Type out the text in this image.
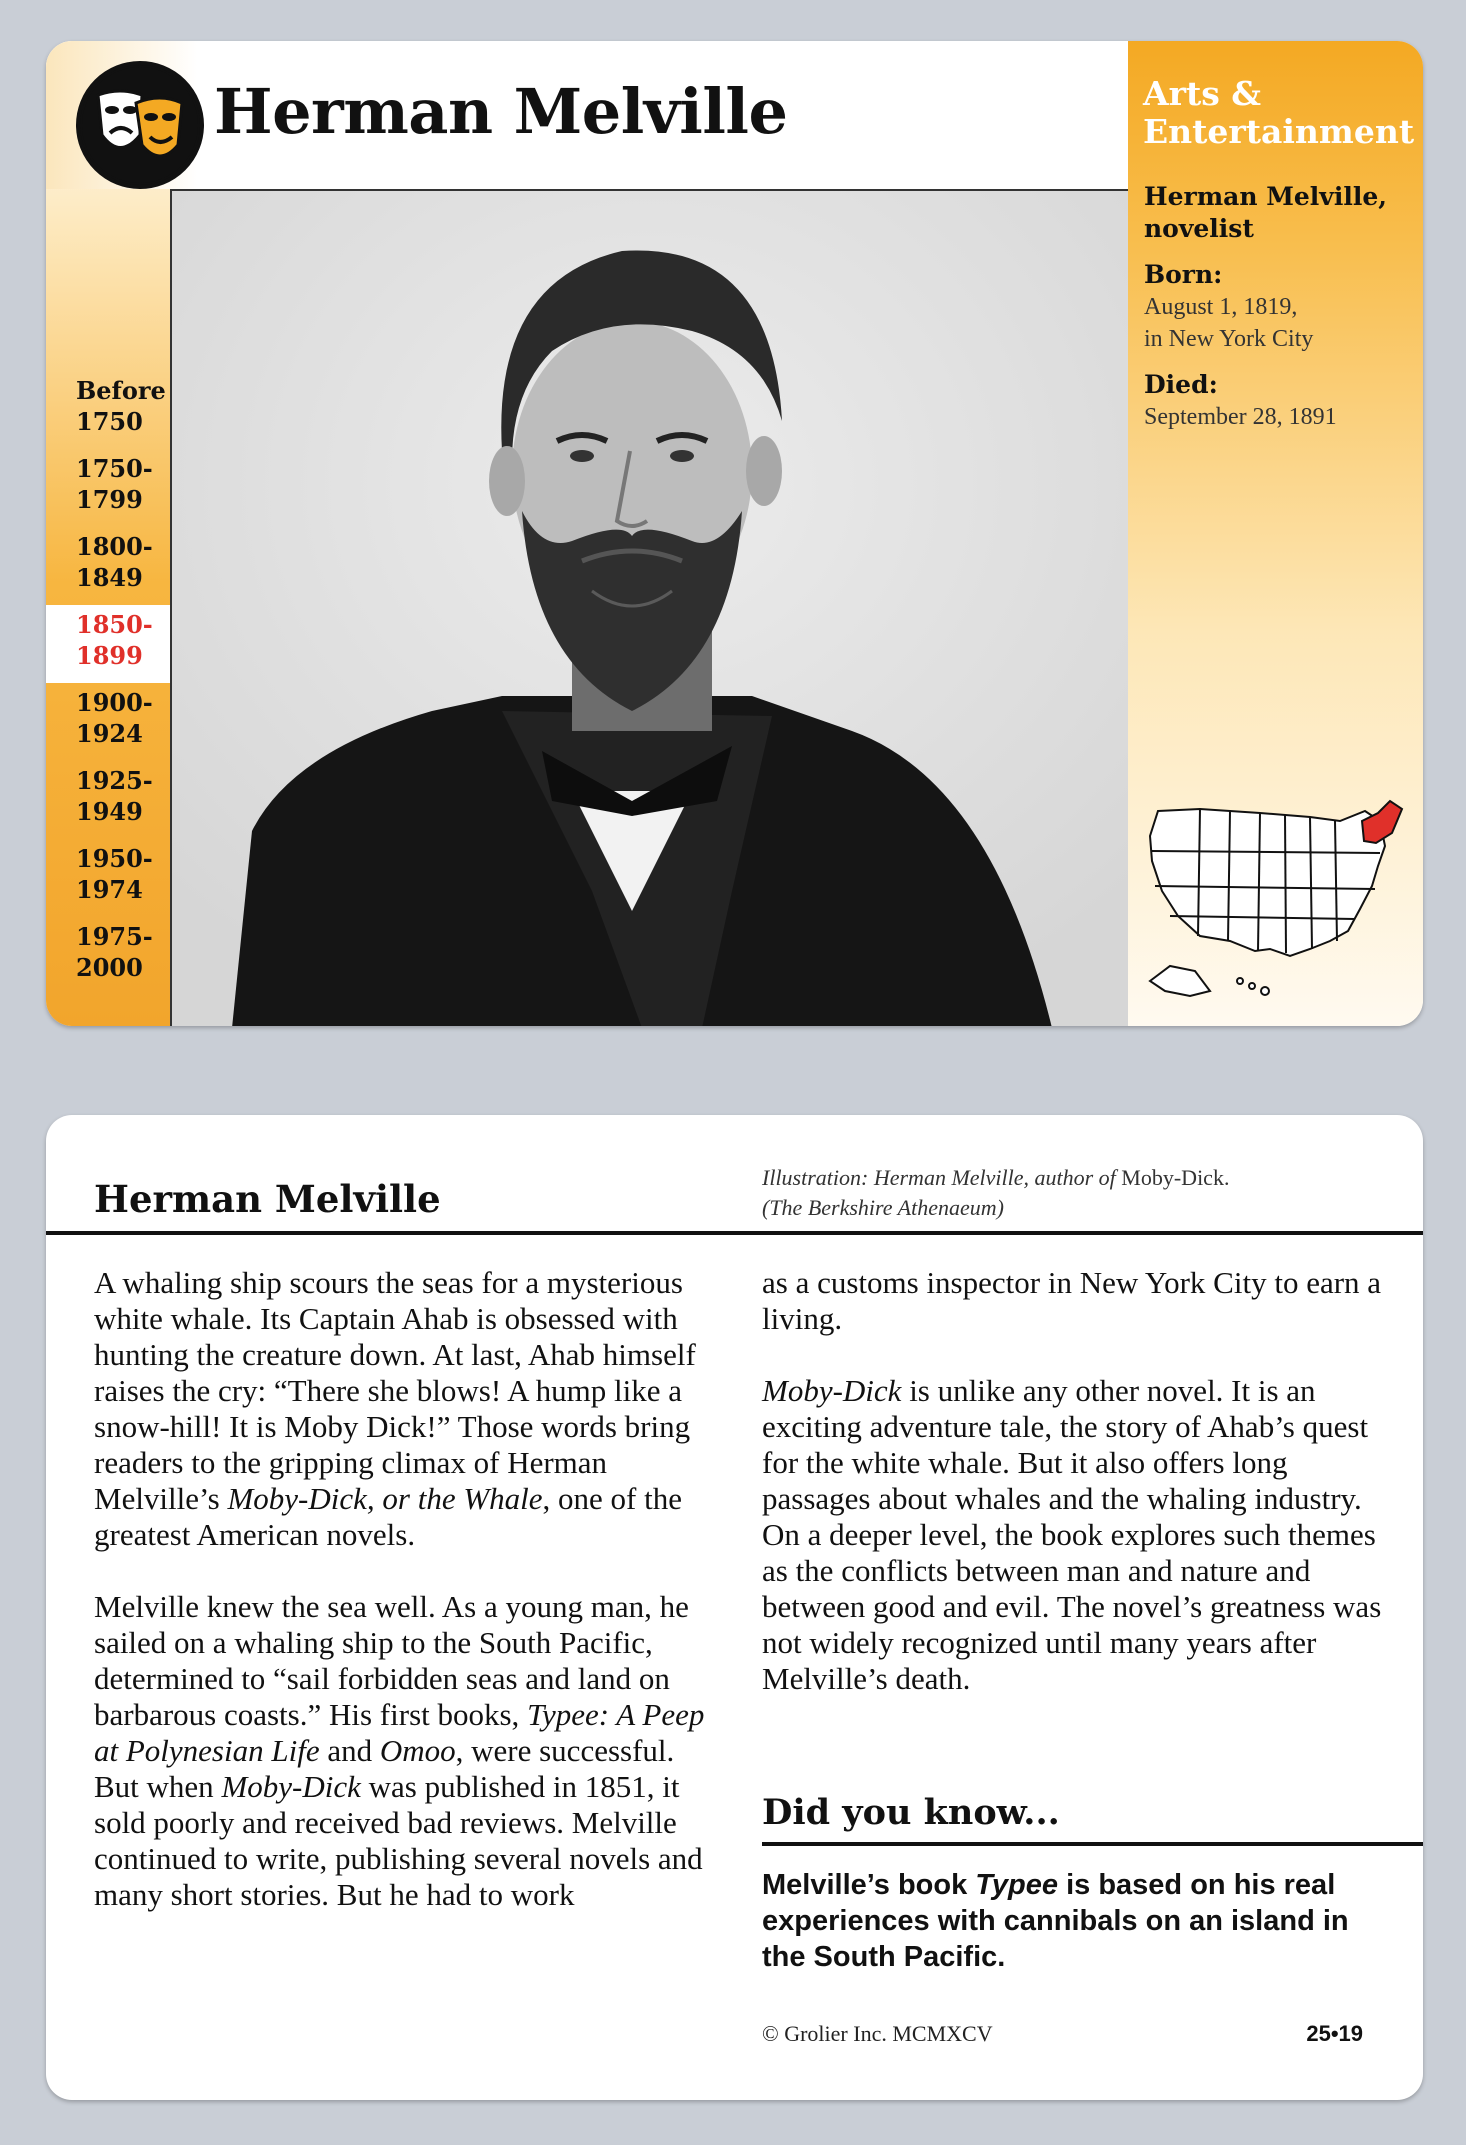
Herman Melville
Before
1750
1750-
1799
1800-
1849
1850-
1899
1900-
1924
1925-
1949
1950-
1974
1975-
2000
Arts &
Entertainment
Herman Melville, novelist
Born:
August 1, 1819,
in New York City
Died:
September 28, 1891
Herman Melville	Illustration: Herman Melville, author of Moby-Dick.
(The Berkshire Athenaeum)

A whaling ship scours the seas for a mysterious white whale. Its Captain Ahab is obsessed with hunting the creature down. At last, Ahab himself raises the cry: “There she blows! A hump like a snow-hill! It is Moby Dick!” Those words bring readers to the gripping climax of Herman Melville’s Moby-Dick, or the Whale, one of the greatest American novels.

Melville knew the sea well. As a young man, he sailed on a whaling ship to the South Pacific, determined to “sail forbidden seas and land on barbarous coasts.” His first books, Typee: A Peep at Polynesian Life and Omoo, were successful. But when Moby-Dick was published in 1851, it sold poorly and received bad reviews. Melville continued to write, publishing several novels and many short stories. But he had to work

as a customs inspector in New York City to earn a living.

Moby-Dick is unlike any other novel. It is an exciting adventure tale, the story of Ahab’s quest for the white whale. But it also offers long passages about whales and the whaling industry. On a deeper level, the book explores such themes as the conflicts between man and nature and between good and evil. The novel’s greatness was not widely recognized until many years after Melville’s death.

Did you know...
Melville’s book Typee is based on his real experiences with cannibals on an island in the South Pacific.
© Grolier Inc. MCMXCV	25•19
